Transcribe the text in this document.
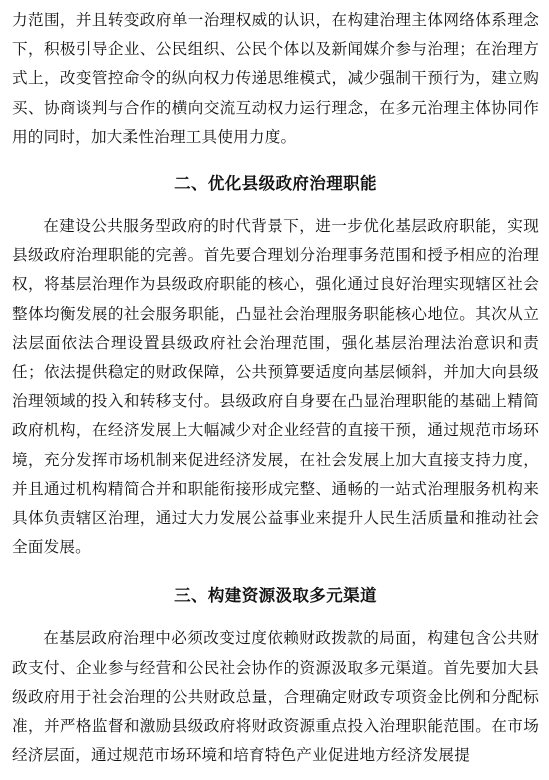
力范围，并且转变政府单一治理权威的认识，在构建治理主体网络体系理念下，积极引导企业、公民组织、公民个体以及新闻媒介参与治理；在治理方式上，改变管控命令的纵向权力传递思维模式，减少强制干预行为，建立购买、协商谈判与合作的横向交流互动权力运行理念，在多元治理主体协同作用的同时，加大柔性治理工具使用力度。

二、优化县级政府治理职能

在建设公共服务型政府的时代背景下，进一步优化基层政府职能，实现县级政府治理职能的完善。首先要合理划分治理事务范围和授予相应的治理权，将基层治理作为县级政府职能的核心，强化通过良好治理实现辖区社会整体均衡发展的社会服务职能，凸显社会治理服务职能核心地位。其次从立法层面依法合理设置县级政府社会治理范围，强化基层治理法治意识和责任；依法提供稳定的财政保障，公共预算要适度向基层倾斜，并加大向县级治理领域的投入和转移支付。县级政府自身要在凸显治理职能的基础上精简政府机构，在经济发展上大幅减少对企业经营的直接干预，通过规范市场环境，充分发挥市场机制来促进经济发展，在社会发展上加大直接支持力度，并且通过机构精简合并和职能衔接形成完整、通畅的一站式治理服务机构来具体负责辖区治理，通过大力发展公益事业来提升人民生活质量和推动社会全面发展。

三、构建资源汲取多元渠道

在基层政府治理中必须改变过度依赖财政拨款的局面，构建包含公共财政支付、企业参与经营和公民社会协作的资源汲取多元渠道。首先要加大县级政府用于社会治理的公共财政总量，合理确定财政专项资金比例和分配标准，并严格监督和激励县级政府将财政资源重点投入治理职能范围。在市场经济层面，通过规范市场环境和培育特色产业促进地方经济发展提
